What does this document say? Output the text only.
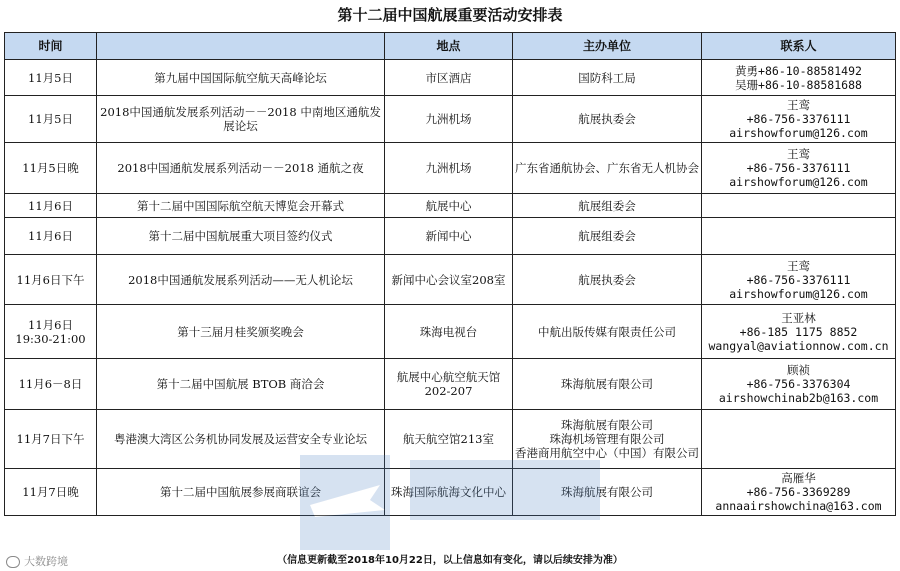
第十二届中国航展重要活动安排表
时间		地点	主办单位	联系人

11月5日	第九届中国国际航空航天高峰论坛	市区酒店	国防科工局	黄勇+86-10-88581492
吴珊+86-10-88581688

11月5日	2018中国通航发展系列活动－－2018 中南地区通航发展论坛	九洲机场	航展执委会	王鸾
+86-756-3376111
airshowforum@126.com

11月5日晚	2018中国通航发展系列活动－－2018 通航之夜	九洲机场	广东省通航协会、广东省无人机协会	王鸾
+86-756-3376111
airshowforum@126.com

11月6日	第十二届中国国际航空航天博览会开幕式	航展中心	航展组委会	

11月6日	第十二届中国航展重大项目签约仪式	新闻中心	航展组委会	

11月6日下午	2018中国通航发展系列活动——无人机论坛	新闻中心会议室208室	航展执委会	王鸾
+86-756-3376111
airshowforum@126.com

11月6日
19:30-21:00	第十三届月桂奖颁奖晚会	珠海电视台	中航出版传媒有限责任公司	王亚林
+86-185 1175 8852
wangyal@aviationnow.com.cn

11月6－8日	第十二届中国航展 BTOB 商洽会	航展中心航空航天馆202-207	珠海航展有限公司	顾祯
+86-756-3376304
airshowchinab2b@163.com

11月7日下午	粤港澳大湾区公务机协同发展及运营安全专业论坛	航天航空馆213室	珠海航展有限公司
珠海机场管理有限公司
香港商用航空中心（中国）有限公司	

11月7日晚	第十二届中国航展参展商联谊会	珠海国际航海文化中心	珠海航展有限公司	高雁华
+86-756-3369289
annaairshowchina@163.com
（信息更新截至2018年10月22日，以上信息如有变化，请以后续安排为准）
大数跨境
